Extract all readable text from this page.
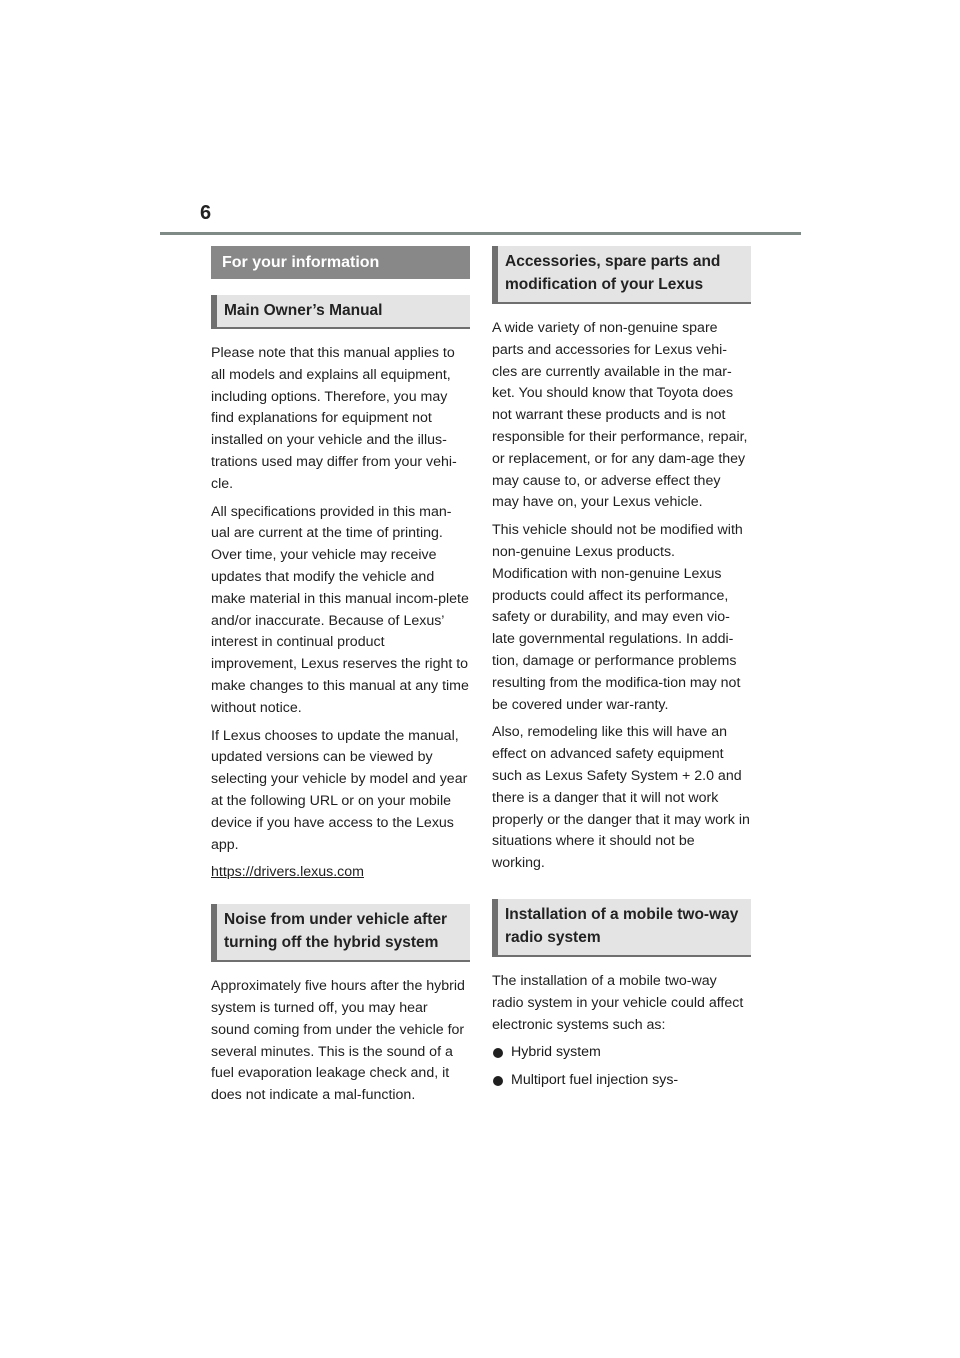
6
For your information
Main Owner’s Manual

Please note that this manual applies to all models and explains all equipment, including options. Therefore, you may find explanations for equipment not installed on your vehicle and the illus-trations used may differ from your vehi-cle.

All specifications provided in this man-ual are current at the time of printing. Over time, your vehicle may receive updates that modify the vehicle and make material in this manual incom-plete and/or inaccurate. Because of Lexus’ interest in continual product improvement, Lexus reserves the right to make changes to this manual at any time without notice.

If Lexus chooses to update the manual, updated versions can be viewed by selecting your vehicle by model and year at the following URL or on your mobile device if you have access to the Lexus app.

https://drivers.lexus.com

Noise from under vehicle after turning off the hybrid system

Approximately five hours after the hybrid system is turned off, you may hear sound coming from under the vehicle for several minutes. This is the sound of a fuel evaporation leakage check and, it does not indicate a mal-function.

Accessories, spare parts and modification of your Lexus

A wide variety of non-genuine spare parts and accessories for Lexus vehi-cles are currently available in the mar-ket. You should know that Toyota does not warrant these products and is not responsible for their performance, repair, or replacement, or for any dam-age they may cause to, or adverse effect they may have on, your Lexus vehicle.

This vehicle should not be modified with non-genuine Lexus products. Modification with non-genuine Lexus products could affect its performance, safety or durability, and may even vio-late governmental regulations. In addi-tion, damage or performance problems resulting from the modifica-tion may not be covered under war-ranty.

Also, remodeling like this will have an effect on advanced safety equipment such as Lexus Safety System + 2.0 and there is a danger that it will not work properly or the danger that it may work in situations where it should not be working.

Installation of a mobile two-way radio system

The installation of a mobile two-way radio system in your vehicle could affect electronic systems such as:

Hybrid system
Multiport fuel injection sys-
